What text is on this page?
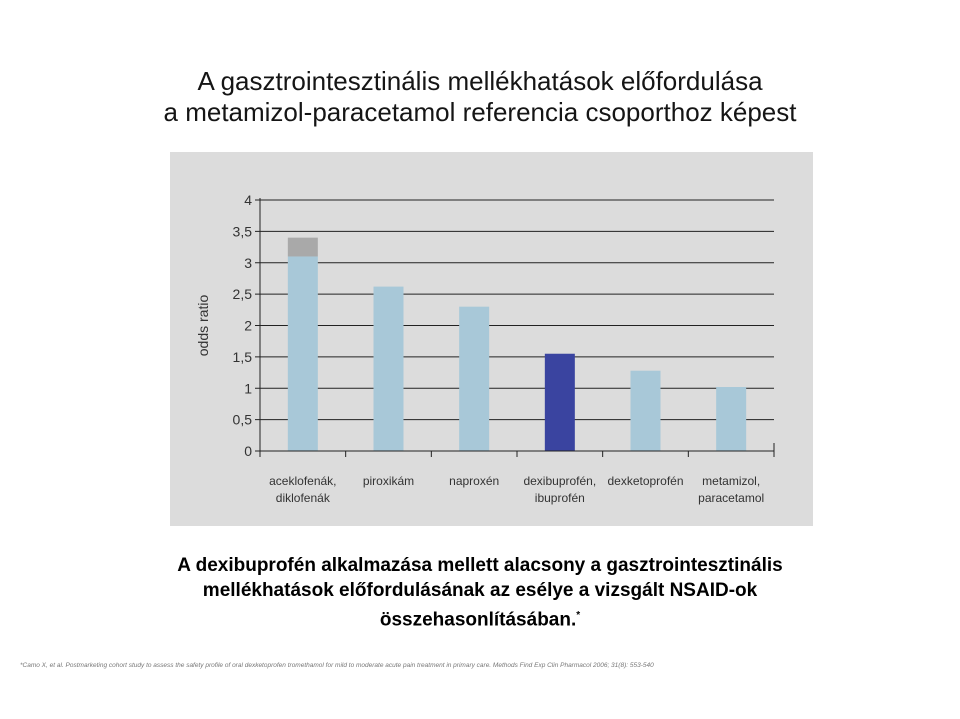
A gasztrointesztinális mellékhatások előfordulása
a metamizol-paracetamol referencia csoporthoz képest
0
0,5
1
1,5
2
2,5
3
3,5
4
odds ratio
aceklofenák,
diklofenák
piroxikám	naproxén dexibuprofén,
ibuprofén
dexketoprofén metamizol,
paracetamol
A dexibuprofén alkalmazása mellett alacsony a gasztrointesztinális
mellékhatások előfordulásának az esélye a vizsgált NSAID-ok
összehasonlításában.*
*Camo X, et al. Postmarketing cohort study to assess the safety profile of oral dexketoprofen tromethamol for mild to moderate acute pain treatment in primary care. Methods Find Exp Clin Pharmacol 2006; 31(8): 553-540
